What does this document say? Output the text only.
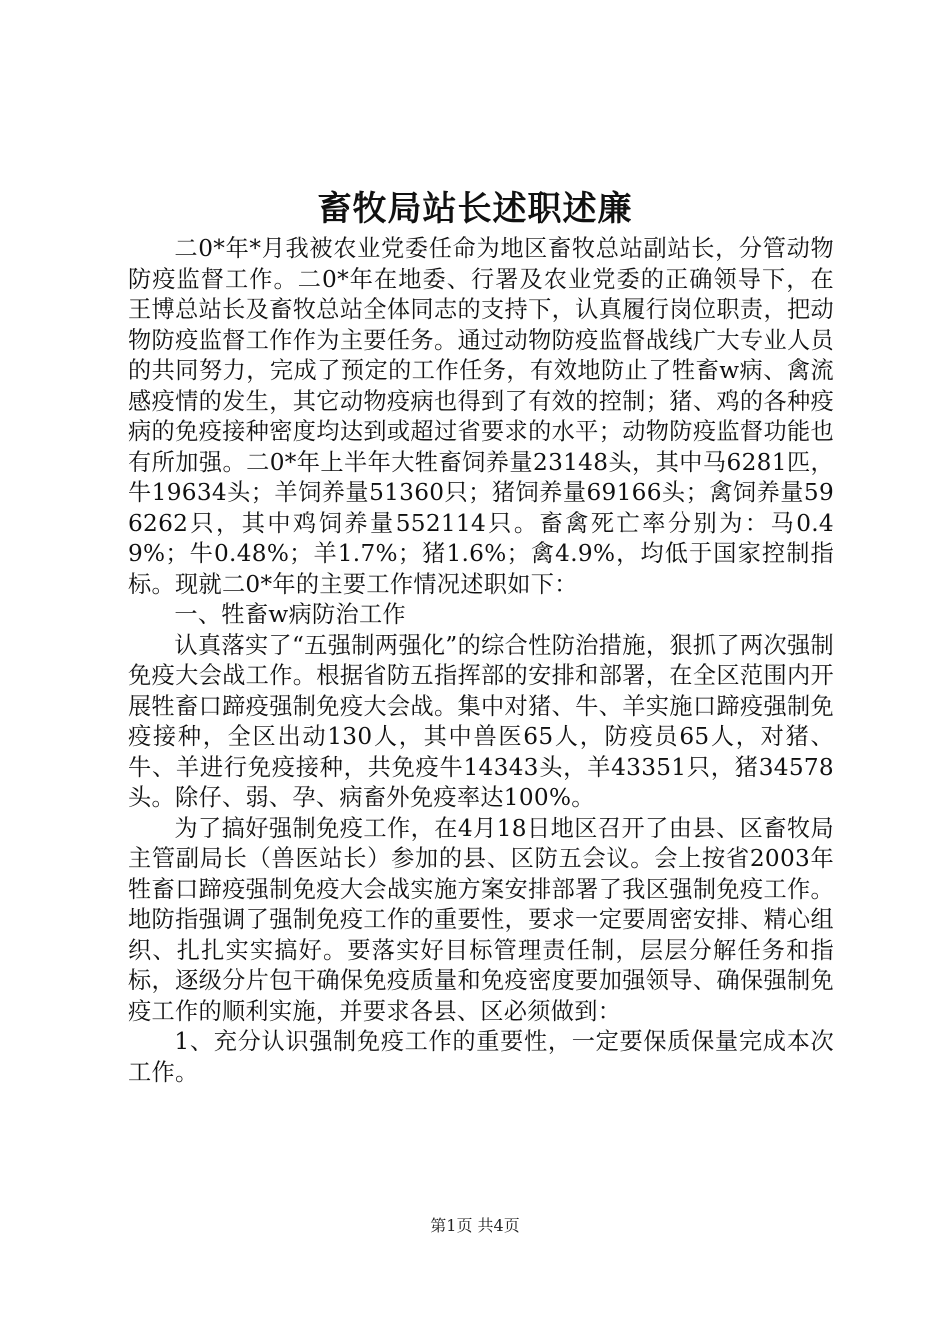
畜牧局站长述职述廉

二0*年*月我被农业党委任命为地区畜牧总站副站长，分管动物防疫监督工作。二0*年在地委、行署及农业党委的正确领导下，在王博总站长及畜牧总站全体同志的支持下，认真履行岗位职责，把动物防疫监督工作作为主要任务。通过动物防疫监督战线广大专业人员的共同努力，完成了预定的工作任务，有效地防止了牲畜w病、禽流感疫情的发生，其它动物疫病也得到了有效的控制；猪、鸡的各种疫病的免疫接种密度均达到或超过省要求的水平；动物防疫监督功能也有所加强。二0*年上半年大牲畜饲养量23148头，其中马6281匹，牛19634头；羊饲养量51360只；猪饲养量69166头；禽饲养量596262只，其中鸡饲养量552114只。畜禽死亡率分别为：马0.49%；牛0.48%；羊1.7%；猪1.6%；禽4.9%，均低于国家控制指标。现就二0*年的主要工作情况述职如下：

一、牲畜w病防治工作

认真落实了“五强制两强化”的综合性防治措施，狠抓了两次强制免疫大会战工作。根据省防五指挥部的安排和部署，在全区范围内开展牲畜口蹄疫强制免疫大会战。集中对猪、牛、羊实施口蹄疫强制免疫接种，全区出动130人，其中兽医65人，防疫员65人，对猪、牛、羊进行免疫接种，共免疫牛14343头，羊43351只，猪34578头。除仔、弱、孕、病畜外免疫率达100%。

为了搞好强制免疫工作，在4月18日地区召开了由县、区畜牧局主管副局长（兽医站长）参加的县、区防五会议。会上按省2003年牲畜口蹄疫强制免疫大会战实施方案安排部署了我区强制免疫工作。地防指强调了强制免疫工作的重要性，要求一定要周密安排、精心组织、扎扎实实搞好。要落实好目标管理责任制，层层分解任务和指标，逐级分片包干确保免疫质量和免疫密度要加强领导、确保强制免疫工作的顺利实施，并要求各县、区必须做到：

1、充分认识强制免疫工作的重要性，一定要保质保量完成本次工作。

第1页 共4页
